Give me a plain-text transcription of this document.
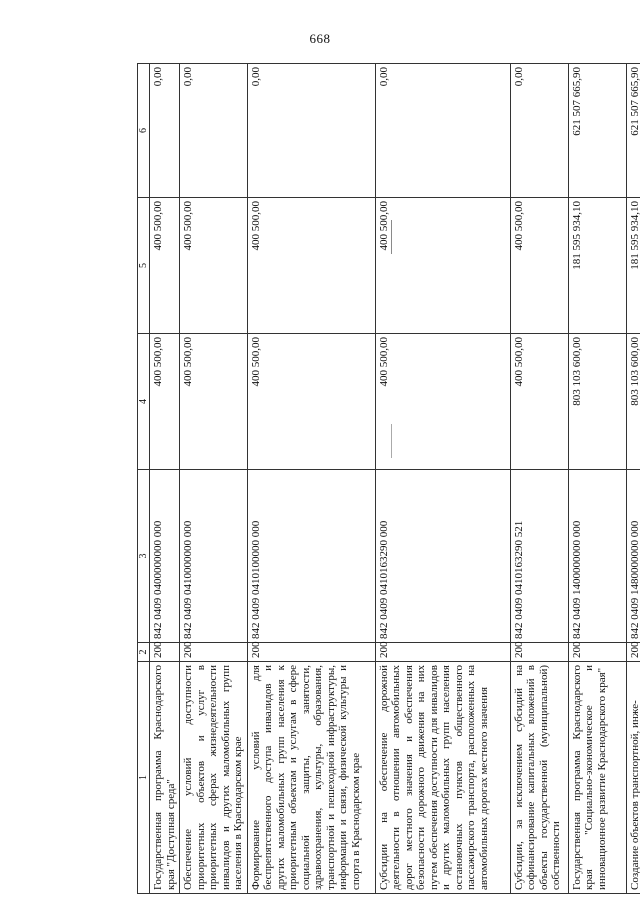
668
1	2	3	4	5	6
Государственная программа Краснодарского края "Доступная среда"	200	842 0409 0400000000 000	400 500,00	400 500,00	0,00
Обеспечение условий доступности приоритетных объектов и услуг в приоритетных сферах жизнедеятельности инвалидов и других маломобильных групп населения в Краснодарском крае	200	842 0409 0410000000 000	400 500,00	400 500,00	0,00
Формирование условий для беспрепятственного доступа инвалидов и других маломобильных групп населения к приоритетным объектам и услугам в сфере социальной защиты, занятости, здравоохранения, культуры, образования, транспортной и пешеходной инфраструктуры, информации и связи, физической культуры и спорта в Краснодарском крае	200	842 0409 0410100000 000	400 500,00	400 500,00	0,00
Субсидии на обеспечение дорожной деятельности в отношении автомобильных дорог местного значения и обеспечения безопасности дорожного движения на них путем обеспечения доступности для инвалидов и других маломобильных групп населения остановочных пунктов общественного пассажирского транспорта, расположенных на автомобильных дорогах местного значения	200	842 0409 0410163290 000	400 500,00	400 500,00	0,00
Субсидии, за исключением субсидий на софинансирование капитальных вложений в объекты государственной (муниципальной) собственности	200	842 0409 0410163290 521	400 500,00	400 500,00	0,00
Государственная программа Краснодарского края "Социально-экономическое и инновационное развитие Краснодарского края"	200	842 0409 1400000000 000	803 103 600,00	181 595 934,10	621 507 665,90
Создание объектов транспортной, инже-	200	842 0409 1480000000 000	803 103 600,00	181 595 934,10	621 507 665,90
